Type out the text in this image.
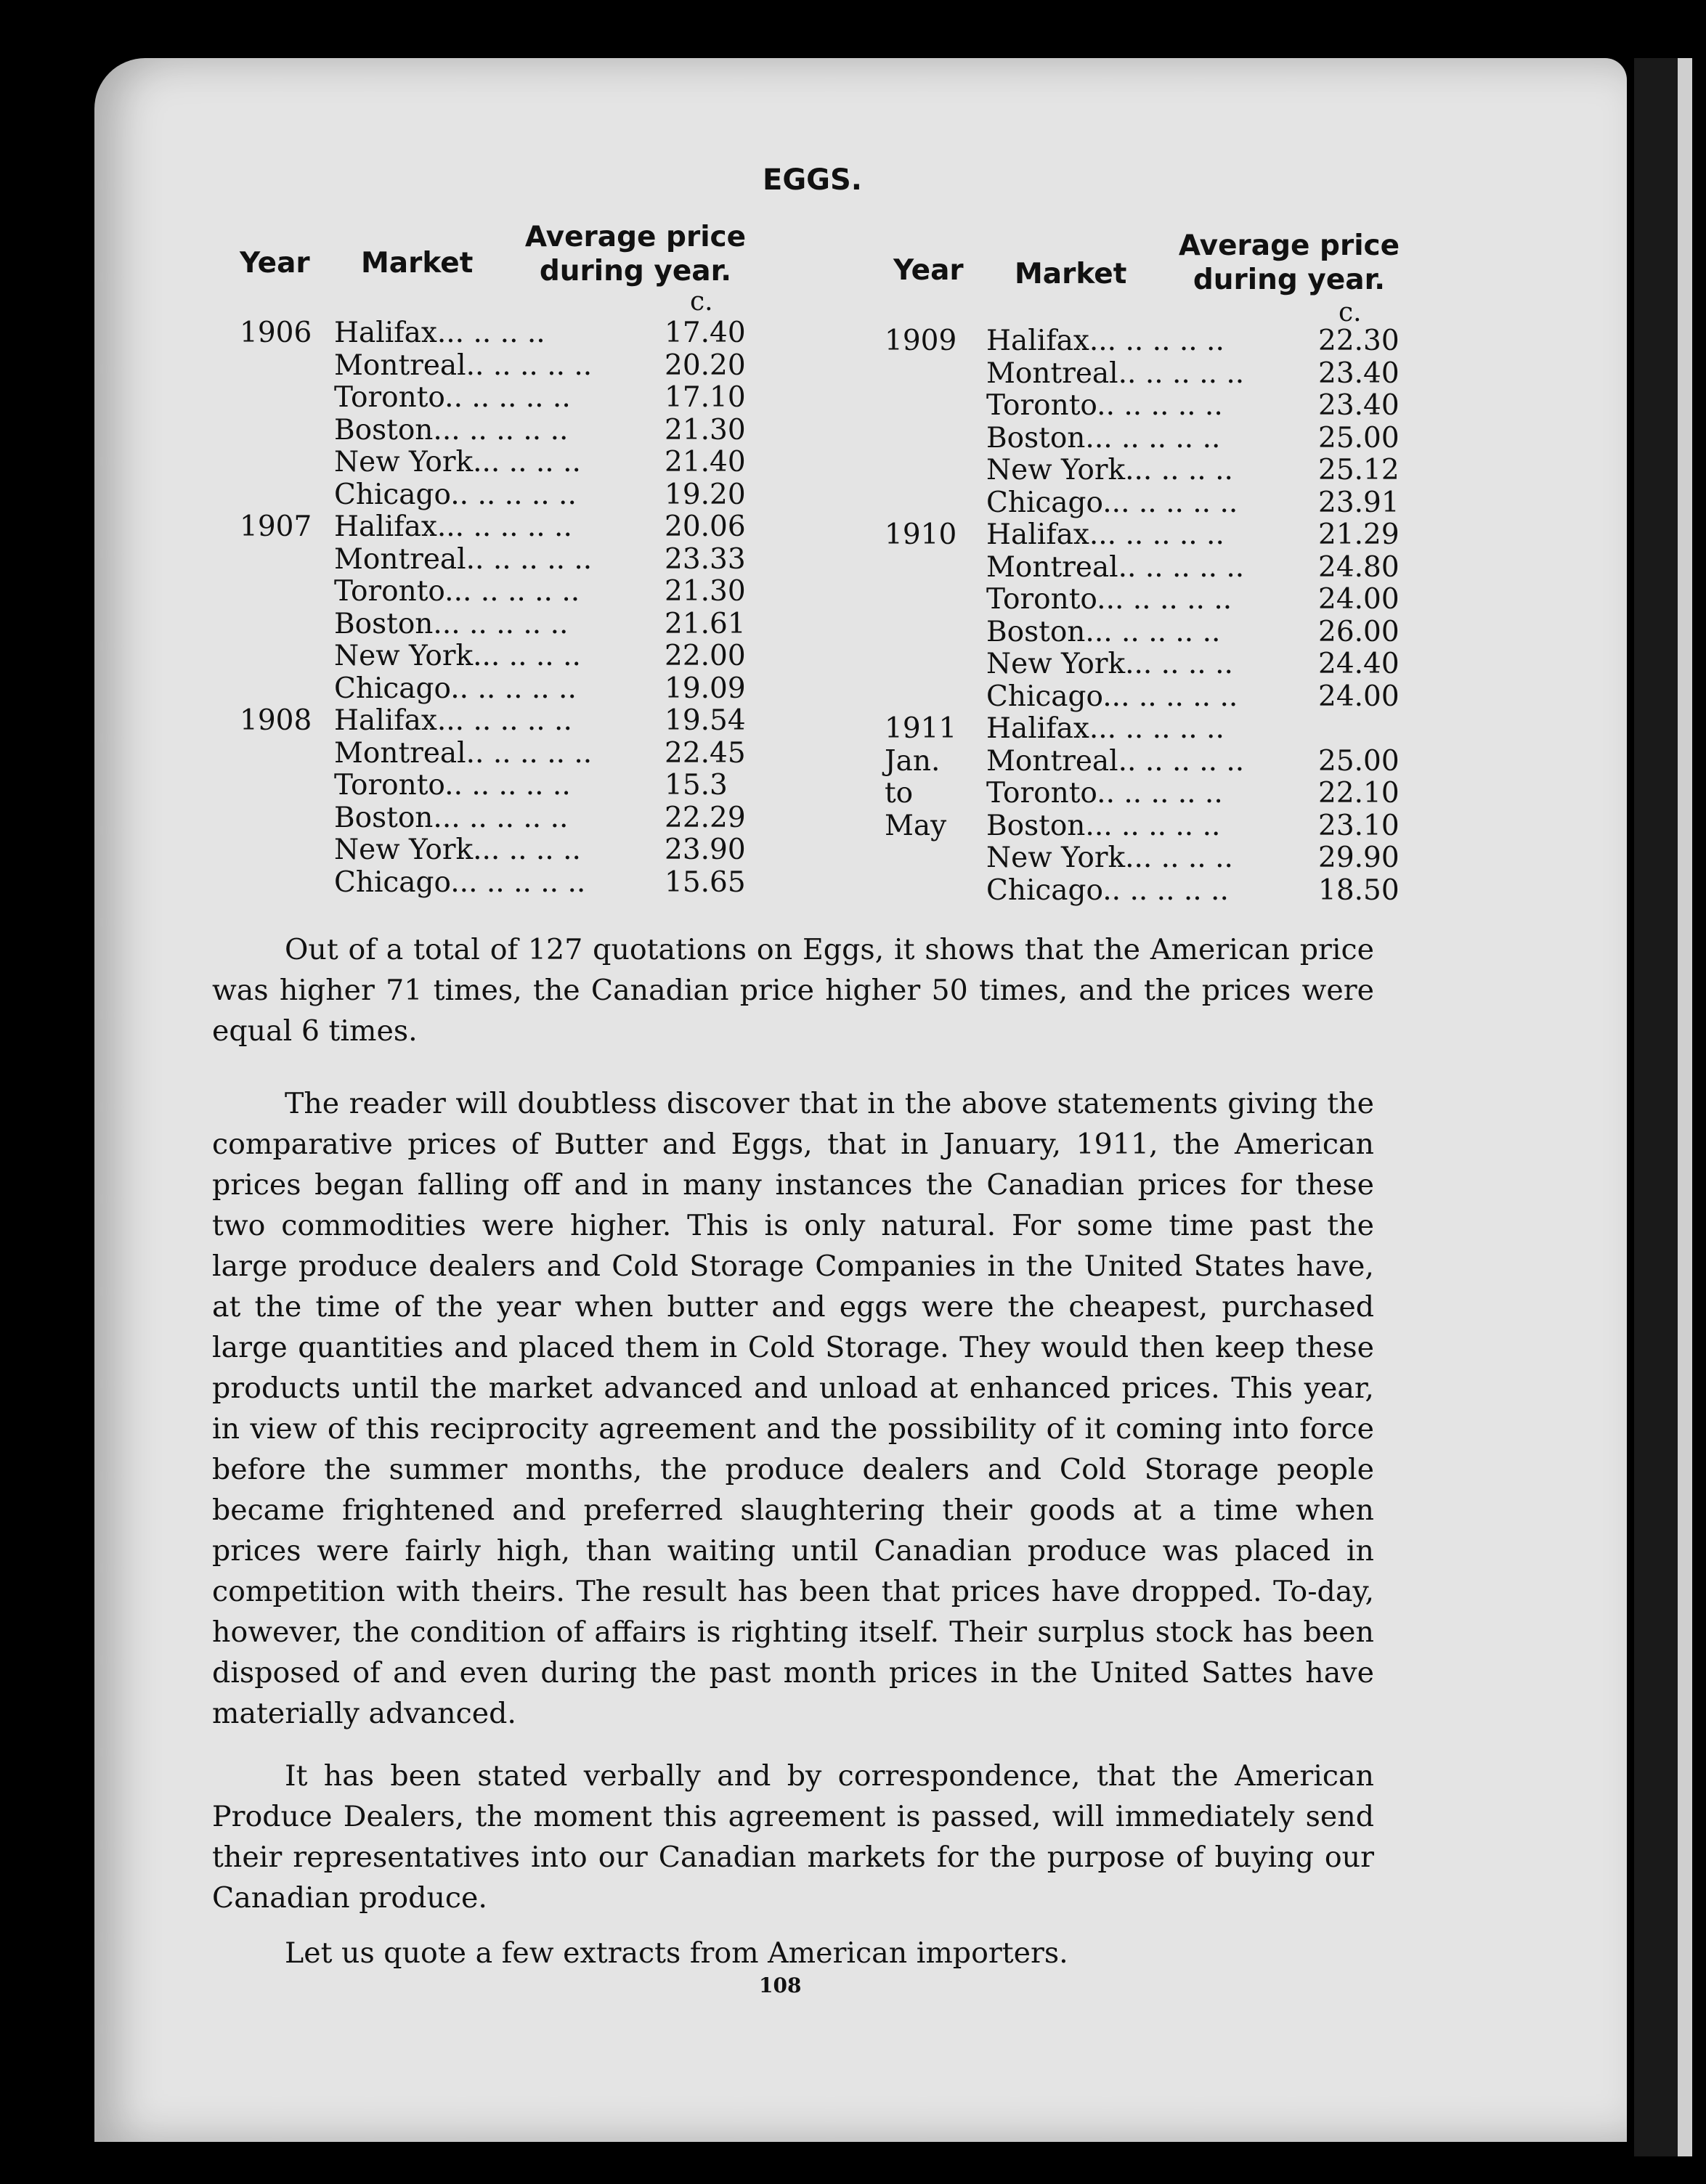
EGGS.
Year Market
Average price
during year.
c.
Year Market
Average price
during year.
c.
1906 Halifax... .. .. ..	17.40
Montreal.. .. .. .. ..	20.20
Toronto.. .. .. .. ..	17.10
Boston... .. .. .. ..	21.30
New York... .. .. ..	21.40
Chicago.. .. .. .. ..	19.20
1907 Halifax... .. .. .. ..	20.06
Montreal.. .. .. .. ..	23.33
Toronto... .. .. .. ..	21.30
Boston... .. .. .. ..	21.61
New York... .. .. ..	22.00
Chicago.. .. .. .. ..	19.09
1908 Halifax... .. .. .. ..	19.54
Montreal.. .. .. .. ..	22.45
Toronto.. .. .. .. ..	15.3
Boston... .. .. .. ..	22.29
New York... .. .. ..	23.90
Chicago... .. .. .. ..	15.65
1909 Halifax... .. .. .. ..	22.30
Montreal.. .. .. .. ..	23.40
Toronto.. .. .. .. ..	23.40
Boston... .. .. .. ..	25.00
New York... .. .. ..	25.12
Chicago... .. .. .. ..	23.91
1910 Halifax... .. .. .. ..	21.29
Montreal.. .. .. .. ..	24.80
Toronto... .. .. .. ..	24.00
Boston... .. .. .. ..	26.00
New York... .. .. ..	24.40
Chicago... .. .. .. ..	24.00
1911 Halifax... .. .. .. ..
Jan. Montreal.. .. .. .. ..	25.00
to	Toronto.. .. .. .. ..	22.10
May Boston... .. .. .. ..	23.10
New York... .. .. ..	29.90
Chicago.. .. .. .. ..	18.50

Out of a total of 127 quotations on Eggs, it shows that the American price was higher 71 times, the Canadian price higher 50 times, and the prices were equal 6 times.

The reader will doubtless discover that in the above statements giving the comparative prices of Butter and Eggs, that in January, 1911, the American prices began falling off and in many instances the Canadian prices for these two commodities were higher. This is only natural. For some time past the large produce dealers and Cold Storage Companies in the United States have, at the time of the year when butter and eggs were the cheapest, purchased large quantities and placed them in Cold Storage. They would then keep these products until the market advanced and unload at enhanced prices. This year, in view of this reciprocity agreement and the possibility of it coming into force before the summer months, the produce dealers and Cold Storage people became frightened and preferred slaughtering their goods at a time when prices were fairly high, than waiting until Canadian produce was placed in competition with theirs. The result has been that prices have dropped. To-day, however, the condition of affairs is righting itself. Their surplus stock has been disposed of and even during the past month prices in the United Sattes have materially advanced.

It has been stated verbally and by correspondence, that the American Produce Dealers, the moment this agreement is passed, will immediately send their representatives into our Canadian markets for the purpose of buying our Canadian produce.

Let us quote a few extracts from American importers.

108
